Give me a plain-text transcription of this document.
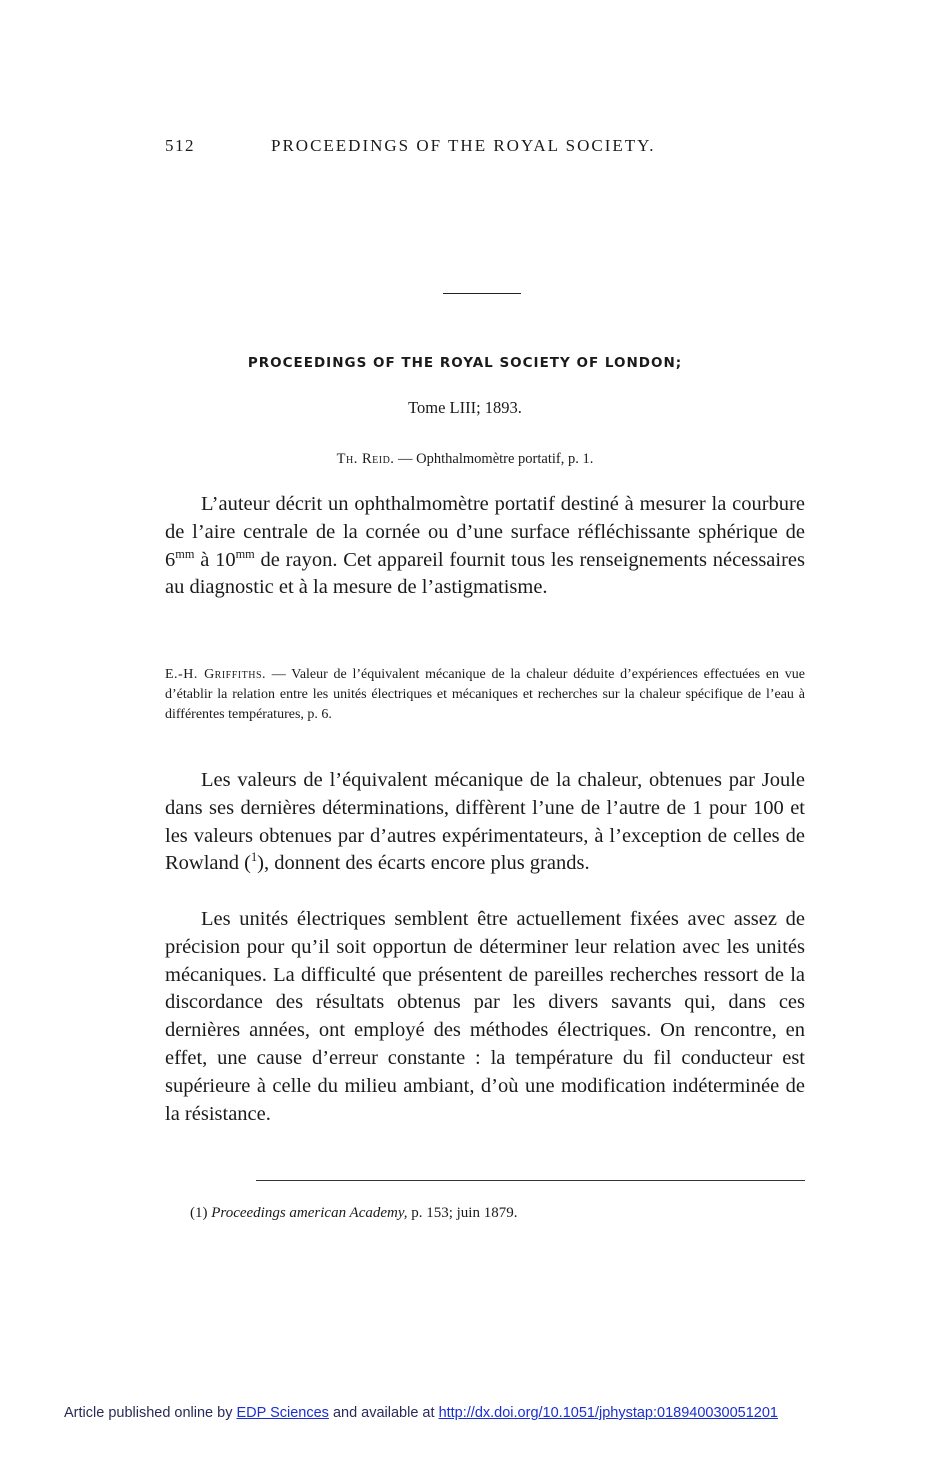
512	PROCEEDINGS OF THE ROYAL SOCIETY.
PROCEEDINGS OF THE ROYAL SOCIETY OF LONDON;
Tome LIII; 1893.
Th. Reid. — Ophthalmomètre portatif, p. 1.

L’auteur décrit un ophthalmomètre portatif destiné à mesurer la courbure de l’aire centrale de la cornée ou d’une surface réfléchissante sphérique de $6^{mm}$ à $10^{mm}$ de rayon. Cet appareil fournit tous les renseignements nécessaires au diagnostic et à la mesure de l’astigmatisme.

E.-H. Griffiths. — Valeur de l’équivalent mécanique de la chaleur déduite d’expériences effectuées en vue d’établir la relation entre les unités électriques et mécaniques et recherches sur la chaleur spécifique de l’eau à différentes températures, p. 6.

Les valeurs de l’équivalent mécanique de la chaleur, obtenues par Joule dans ses dernières déterminations, diffèrent l’une de l’autre de 1 pour 100 et les valeurs obtenues par d’autres expérimentateurs, à l’exception de celles de Rowland ($^1$), donnent des écarts encore plus grands.

Les unités électriques semblent être actuellement fixées avec assez de précision pour qu’il soit opportun de déterminer leur relation avec les unités mécaniques. La difficulté que présentent de pareilles recherches ressort de la discordance des résultats obtenus par les divers savants qui, dans ces dernières années, ont employé des méthodes électriques. On rencontre, en effet, une cause d’erreur constante : la température du fil conducteur est supérieure à celle du milieu ambiant, d’où une modification indéterminée de la résistance.

(1) Proceedings american Academy, p. 153; juin 1879.
Article published online by EDP Sciences and available at http://dx.doi.org/10.1051/jphystap:018940030051201
